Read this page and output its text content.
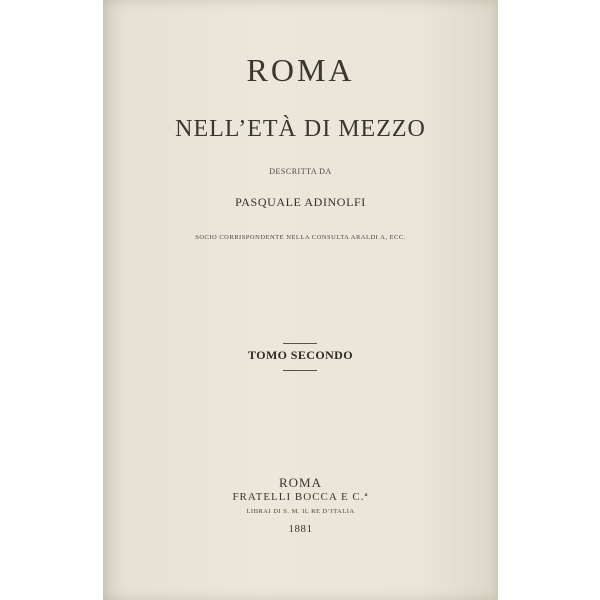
ROMA
NELL’ETÀ DI MEZZO
DESCRITTA DA
PASQUALE ADINOLFI
SOCIO CORRISPONDENTE NELLA CONSULTA ARALDI A, ECC.
TOMO SECONDO
ROMA
FRATELLI BOCCA E C.ª
LIBRAI DI S. M. IL RE D’ITALIA
1881
